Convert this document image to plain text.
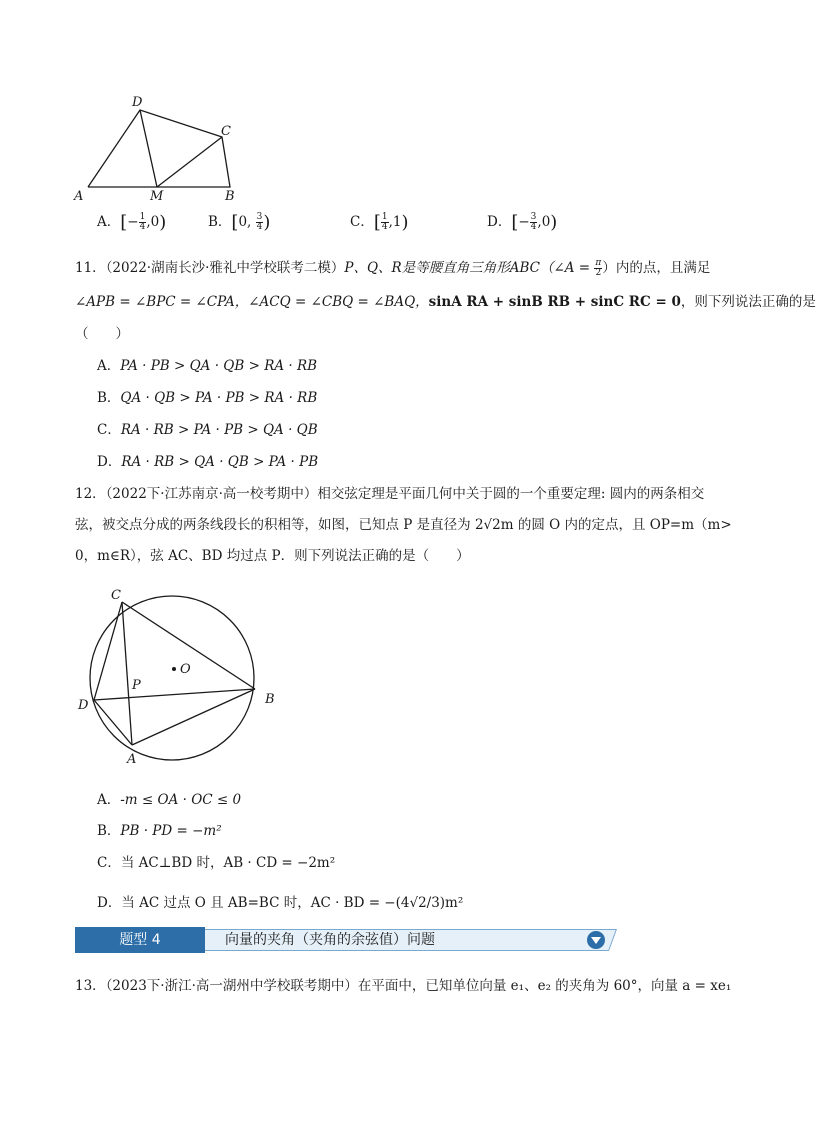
D
C
A	M	B
A．[− $\frac{1}{4} ,0$)	B．[0, $\frac{3}{4}$ )	C．[ $\frac{1}{4} ,1$)	D．[− $\frac{3}{4} ,0$)
11．（2022·湖南长沙·雅礼中学校联考二模）P、Q、R是等腰直角三角形ABC（∠A = $\frac{\pi}{2}$ ）内的点，且满足
∠APB = ∠BPC = ∠CPA，∠ACQ = ∠CBQ = ∠BAQ，sinA RA + sinB RB + sinC RC = 0，则下列说法正确的是
（　　）
A．PA · PB > QA · QB > RA · RB
B．QA · QB > PA · PB > RA · RB
C．RA · RB > PA · PB > QA · QB
D．RA · RB > QA · QB > PA · PB
12．（2022下·江苏南京·高一校考期中）相交弦定理是平面几何中关于圆的一个重要定理: 圆内的两条相交
弦，被交点分成的两条线段长的积相等，如图，已知点 P 是直径为 2√2m 的圆 O 内的定点，且 OP=m（m>
0，m∈R），弦 AC、BD 均过点 P．则下列说法正确的是（　　）
C
O
P
D	B
A
A．-m ≤ OA · OC ≤ 0
B．PB · PD = −m²
C．当 AC⊥BD 时，AB · CD = −2m²
D．当 AC 过点 O 且 AB=BC 时，AC · BD = −(4√2/3)m²
题型 4	向量的夹角（夹角的余弦值）问题
13．（2023下·浙江·高一湖州中学校联考期中）在平面中，已知单位向量 e₁、e₂ 的夹角为 60°，向量 a = xe₁
